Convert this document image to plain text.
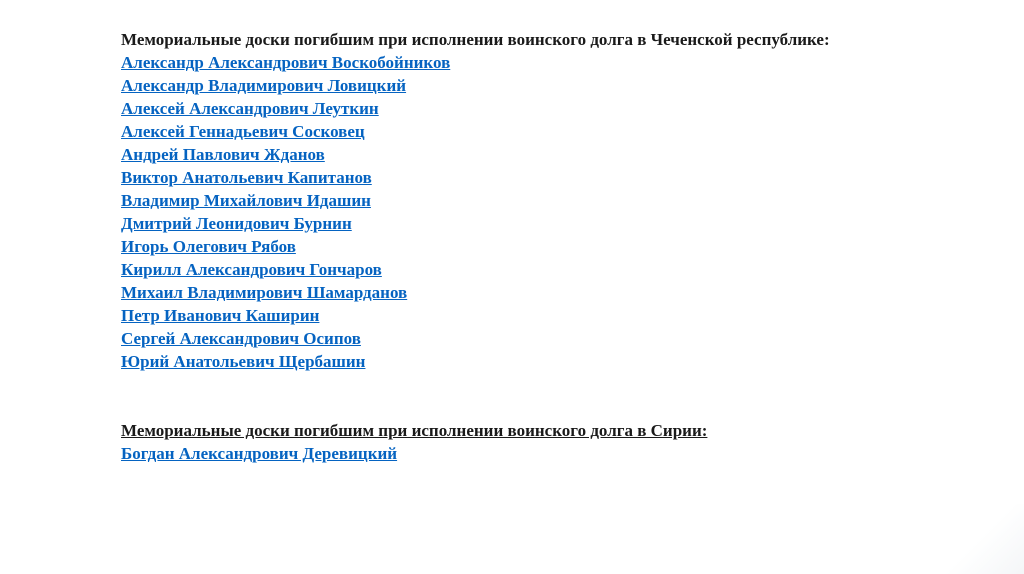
Мемориальные доски погибшим при исполнении воинского долга в Чеченской республике:
Александр Александрович Воскобойников
Александр Владимирович Ловицкий
Алексей Александрович Леуткин
Алексей Геннадьевич Сосковец
Андрей Павлович Жданов
Виктор Анатольевич Капитанов
Владимир Михайлович Идашин
Дмитрий Леонидович Бурнин
Игорь Олегович Рябов
Кирилл Александрович Гончаров
Михаил Владимирович Шамарданов
Петр Иванович Каширин
Сергей Александрович Осипов
Юрий Анатольевич Щербашин
Мемориальные доски погибшим при исполнении воинского долга в Сирии:
Богдан Александрович Деревицкий
